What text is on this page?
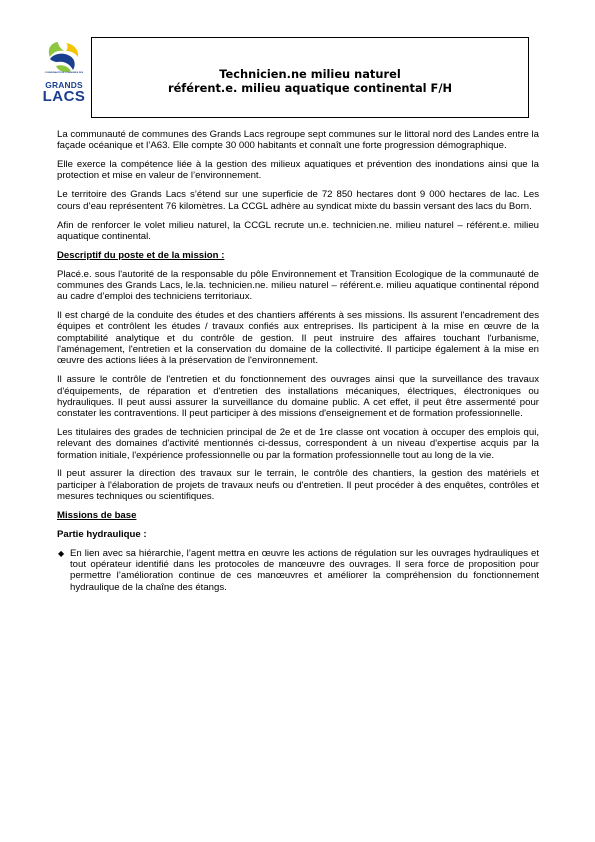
COMMUNAUTÉ DE COMMUNES DES
GRANDS
LACS
Technicien.ne milieu naturel
référent.e. milieu aquatique continental F/H

La communauté de communes des Grands Lacs regroupe sept communes sur le littoral nord des Landes entre la façade océanique et l’A63. Elle compte 30 000 habitants et connaît une forte progression démographique.

Elle exerce la compétence liée à la gestion des milieux aquatiques et prévention des inondations ainsi que la protection et mise en valeur de l’environnement.

Le territoire des Grands Lacs s’étend sur une superficie de 72 850 hectares dont 9 000 hectares de lac. Les cours d’eau représentent 76 kilomètres. La CCGL adhère au syndicat mixte du bassin versant des lacs du Born.

Afin de renforcer le volet milieu naturel, la CCGL recrute un.e. technicien.ne. milieu naturel – référent.e. milieu aquatique continental.

Descriptif du poste et de la mission :

Placé.e. sous l'autorité de la responsable du pôle Environnement et Transition Ecologique de la communauté de communes des Grands Lacs, le.la. technicien.ne. milieu naturel – référent.e. milieu aquatique continental répond au cadre d’emploi des techniciens territoriaux.

Il est chargé de la conduite des études et des chantiers afférents à ses missions. Ils assurent l'encadrement des équipes et contrôlent les études / travaux confiés aux entreprises. Ils participent à la mise en œuvre de la comptabilité analytique et du contrôle de gestion. Il peut instruire des affaires touchant l'urbanisme, l'aménagement, l'entretien et la conservation du domaine de la collectivité. Il participe également à la mise en œuvre des actions liées à la préservation de l'environnement.

Il assure le contrôle de l'entretien et du fonctionnement des ouvrages ainsi que la surveillance des travaux d'équipements, de réparation et d'entretien des installations mécaniques, électriques, électroniques ou hydrauliques. Il peut aussi assurer la surveillance du domaine public. A cet effet, il peut être assermenté pour constater les contraventions. Il peut participer à des missions d'enseignement et de formation professionnelle.

Les titulaires des grades de technicien principal de 2e et de 1re classe ont vocation à occuper des emplois qui, relevant des domaines d'activité mentionnés ci-dessus, correspondent à un niveau d'expertise acquis par la formation initiale, l'expérience professionnelle ou par la formation professionnelle tout au long de la vie.

Il peut assurer la direction des travaux sur le terrain, le contrôle des chantiers, la gestion des matériels et participer à l'élaboration de projets de travaux neufs ou d'entretien. Il peut procéder à des enquêtes, contrôles et mesures techniques ou scientifiques.

Missions de base
Partie hydraulique :

◆ En lien avec sa hiérarchie, l’agent mettra en œuvre les actions de régulation sur les ouvrages hydrauliques et tout opérateur identifié dans les protocoles de manœuvre des ouvrages. Il sera force de proposition pour permettre l’amélioration continue de ces manœuvres et améliorer la compréhension du fonctionnement hydraulique de la chaîne des étangs.
